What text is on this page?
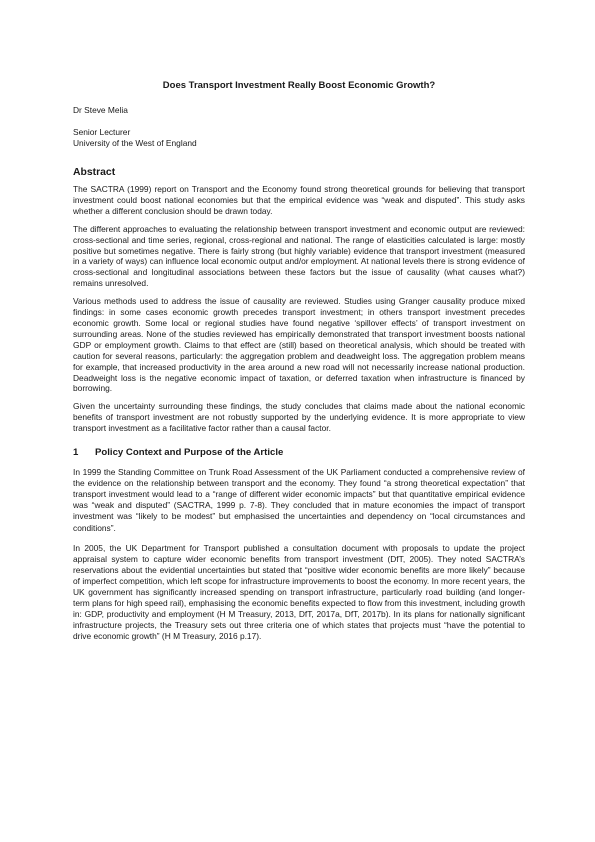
Does Transport Investment Really Boost Economic Growth?

Dr Steve Melia

Senior Lecturer

University of the West of England

Abstract

The SACTRA (1999) report on Transport and the Economy found strong theoretical grounds for believing that transport investment could boost national economies but that the empirical evidence was “weak and disputed”. This study asks whether a different conclusion should be drawn today.

The different approaches to evaluating the relationship between transport investment and economic output are reviewed: cross-sectional and time series, regional, cross-regional and national. The range of elasticities calculated is large: mostly positive but sometimes negative. There is fairly strong (but highly variable) evidence that transport investment (measured in a variety of ways) can influence local economic output and/or employment. At national levels there is strong evidence of cross-sectional and longitudinal associations between these factors but the issue of causality (what causes what?) remains unresolved.

Various methods used to address the issue of causality are reviewed. Studies using Granger causality produce mixed findings: in some cases economic growth precedes transport investment; in others transport investment precedes economic growth. Some local or regional studies have found negative ‘spillover effects’ of transport investment on surrounding areas. None of the studies reviewed has empirically demonstrated that transport investment boosts national GDP or employment growth. Claims to that effect are (still) based on theoretical analysis, which should be treated with caution for several reasons, particularly: the aggregation problem and deadweight loss. The aggregation problem means for example, that increased productivity in the area around a new road will not necessarily increase national production. Deadweight loss is the negative economic impact of taxation, or deferred taxation when infrastructure is financed by borrowing.

Given the uncertainty surrounding these findings, the study concludes that claims made about the national economic benefits of transport investment are not robustly supported by the underlying evidence. It is more appropriate to view transport investment as a facilitative factor rather than a causal factor.

1 Policy Context and Purpose of the Article

In 1999 the Standing Committee on Trunk Road Assessment of the UK Parliament conducted a comprehensive review of the evidence on the relationship between transport and the economy. They found “a strong theoretical expectation” that transport investment would lead to a “range of different wider economic impacts” but that quantitative empirical evidence was “weak and disputed” (SACTRA, 1999 p. 7-8). They concluded that in mature economies the impact of transport investment was “likely to be modest” but emphasised the uncertainties and dependency on “local circumstances and conditions”.

In 2005, the UK Department for Transport published a consultation document with proposals to update the project appraisal system to capture wider economic benefits from transport investment (DfT, 2005). They noted SACTRA’s reservations about the evidential uncertainties but stated that “positive wider economic benefits are more likely” because of imperfect competition, which left scope for infrastructure improvements to boost the economy. In more recent years, the UK government has significantly increased spending on transport infrastructure, particularly road building (and longer-term plans for high speed rail), emphasising the economic benefits expected to flow from this investment, including growth in: GDP, productivity and employment (H M Treasury, 2013, DfT, 2017a, DfT, 2017b). In its plans for nationally significant infrastructure projects, the Treasury sets out three criteria one of which states that projects must “have the potential to drive economic growth” (H M Treasury, 2016 p.17).
